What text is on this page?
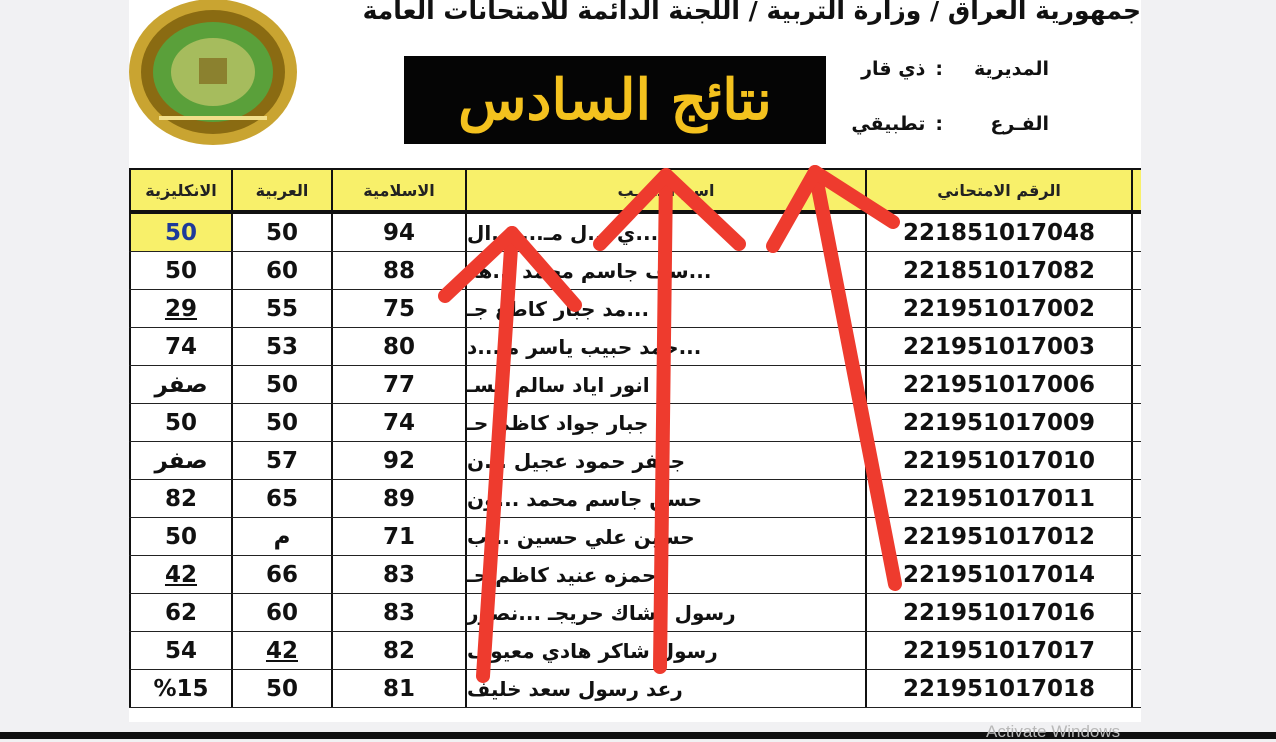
جمهورية العراق / وزارة التربية / اللجنة الدائمة للامتحانات العامة
نتائج السادس	المديرية:ذي قار
الفـرع:تطبيقي
الانكليزية	العربية	الاسلامية	اسم الـ...ـب	الرقم الامتحاني
50	50	94	...ي ...ل مـ... ...ال	221851017048
50	60	88	...سف جاسم محمد ...هد	221851017082
29	55	75	...مد جبار كاطع جـ	221951017002
74	53	80	...حمد حبيب ياسر مـ...د	221951017003
صفر	50	77	انور اياد سالم عسـ	221951017006
50	50	74	جبار جواد كاظم حـ	221951017009
صفر	57	92	جعفر حمود عجيل ...ن	221951017010
82	65	89	حسن جاسم محمد ...ون	221951017011
50	م	71	حسين علي حسين ...ب	221951017012
42	66	83	حمزه عنيد كاظم حـ	221951017014
62	60	83	رسول رشاك حريجـ ...نصور	221951017016
54	42	82	رسول شاكر هادي معيوف	221951017017
%15	50	81	رعد رسول سعد خليف	221951017018
Activate Windows
